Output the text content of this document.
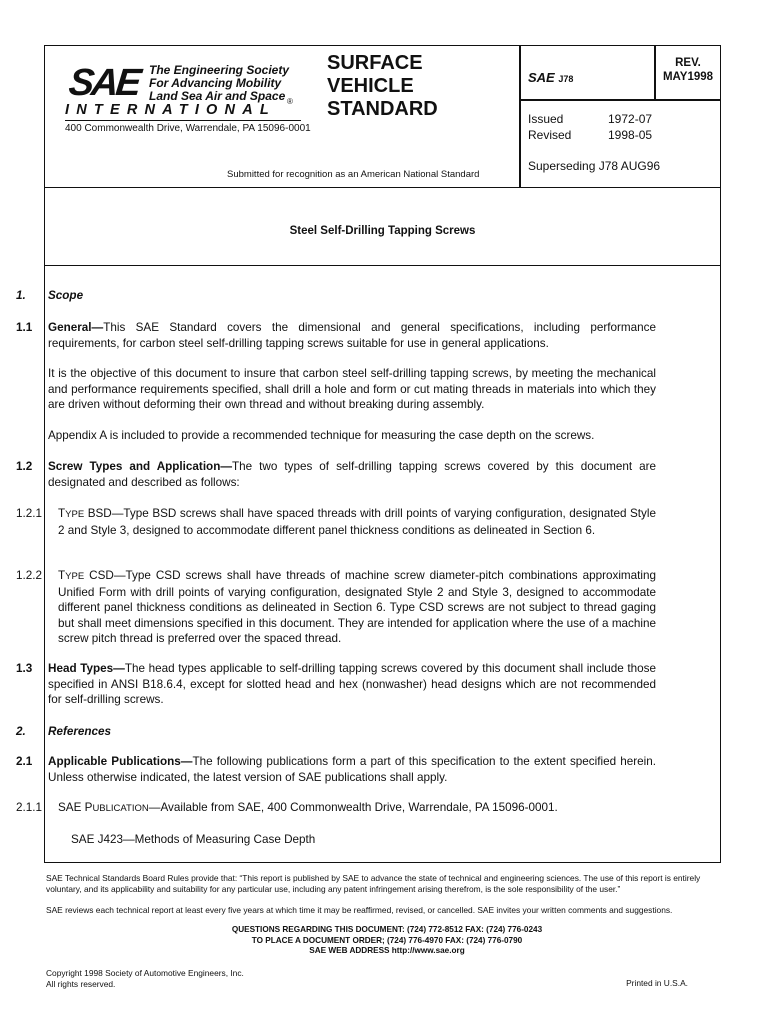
SAE The Engineering Society
For Advancing Mobility
Land Sea Air and Space ®
INTERNATIONAL
400 Commonwealth Drive, Warrendale, PA 15096-0001
SURFACE
VEHICLE
STANDARD
Submitted for recognition as an American National Standard
SAE J78
REV.
MAY1998
Issued
Revised
1972-07
1998-05
Superseding J78 AUG96
Steel Self-Drilling Tapping Screws
1. Scope
1.1 General—This SAE Standard covers the dimensional and general specifications, including performance requirements, for carbon steel self-drilling tapping screws suitable for use in general applications.
It is the objective of this document to insure that carbon steel self-drilling tapping screws, by meeting the mechanical and performance requirements specified, shall drill a hole and form or cut mating threads in materials into which they are driven without deforming their own thread and without breaking during assembly.
Appendix A is included to provide a recommended technique for measuring the case depth on the screws.
1.2 Screw Types and Application—The two types of self-drilling tapping screws covered by this document are designated and described as follows:
1.2.1 TYPE BSD—Type BSD screws shall have spaced threads with drill points of varying configuration, designated Style 2 and Style 3, designed to accommodate different panel thickness conditions as delineated in Section 6.
1.2.2 TYPE CSD—Type CSD screws shall have threads of machine screw diameter-pitch combinations approximating Unified Form with drill points of varying configuration, designated Style 2 and Style 3, designed to accommodate different panel thickness conditions as delineated in Section 6. Type CSD screws are not subject to thread gaging but shall meet dimensions specified in this document. They are intended for application where the use of a machine screw pitch thread is preferred over the spaced thread.
1.3 Head Types—The head types applicable to self-drilling tapping screws covered by this document shall include those specified in ANSI B18.6.4, except for slotted head and hex (nonwasher) head designs which are not recommended for self-drilling screws.
2. References
2.1 Applicable Publications—The following publications form a part of this specification to the extent specified herein. Unless otherwise indicated, the latest version of SAE publications shall apply.
2.1.1 SAE PUBLICATION—Available from SAE, 400 Commonwealth Drive, Warrendale, PA 15096-0001.
SAE J423—Methods of Measuring Case Depth
SAE Technical Standards Board Rules provide that: “This report is published by SAE to advance the state of technical and engineering sciences. The use of this report is entirely voluntary, and its applicability and suitability for any particular use, including any patent infringement arising therefrom, is the sole responsibility of the user.”
SAE reviews each technical report at least every five years at which time it may be reaffirmed, revised, or cancelled. SAE invites your written comments and suggestions.
QUESTIONS REGARDING THIS DOCUMENT: (724) 772-8512 FAX: (724) 776-0243
TO PLACE A DOCUMENT ORDER; (724) 776-4970 FAX: (724) 776-0790
SAE WEB ADDRESS http://www.sae.org
Copyright 1998 Society of Automotive Engineers, Inc.
All rights reserved.	Printed in U.S.A.
